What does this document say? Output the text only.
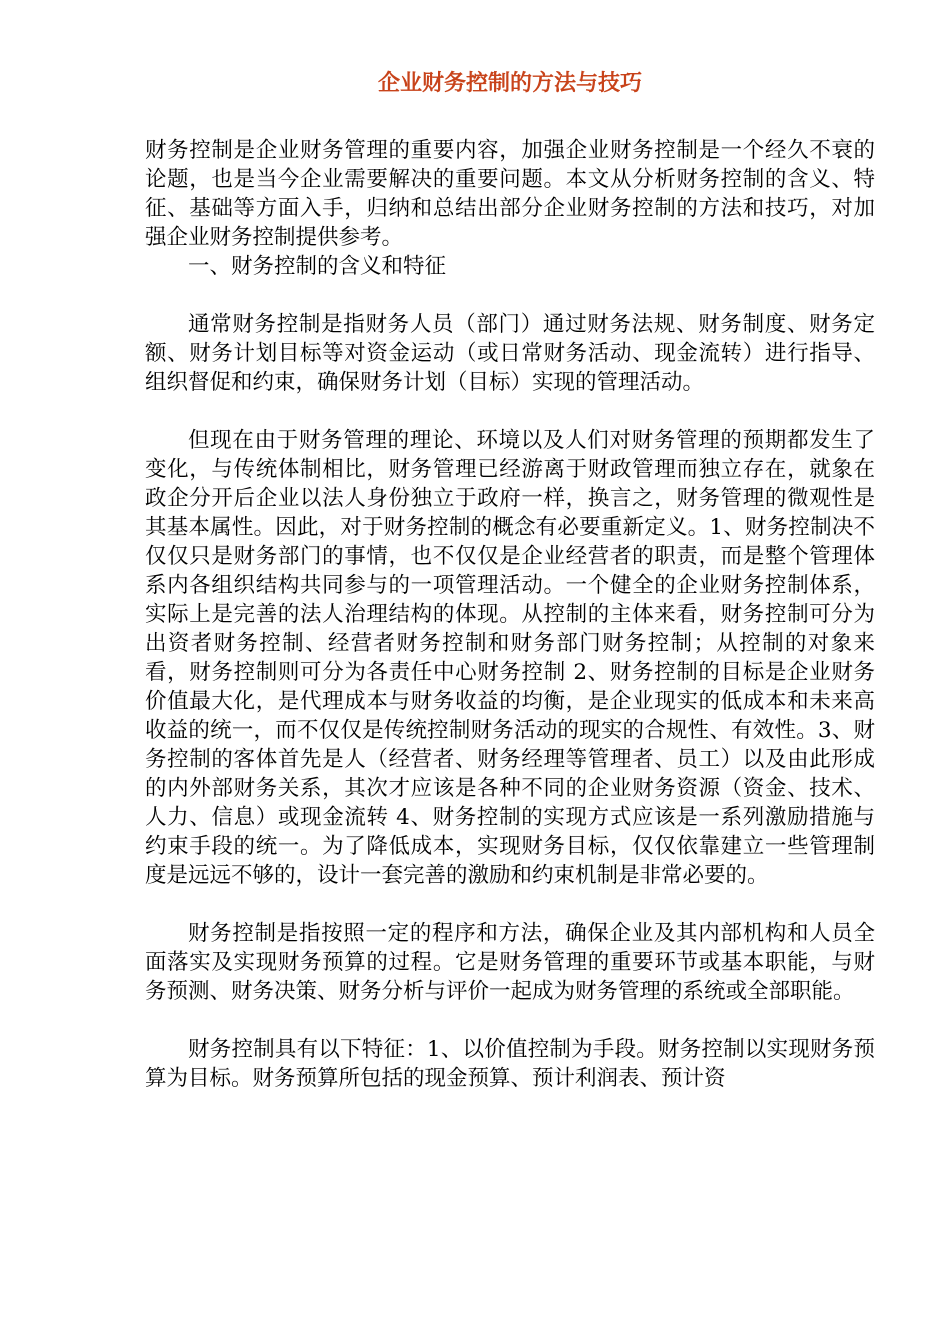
企业财务控制的方法与技巧

财务控制是企业财务管理的重要内容，加强企业财务控制是一个经久不衰的论题，也是当今企业需要解决的重要问题。本文从分析财务控制的含义、特征、基础等方面入手，归纳和总结出部分企业财务控制的方法和技巧，对加强企业财务控制提供参考。

一、财务控制的含义和特征

通常财务控制是指财务人员（部门）通过财务法规、财务制度、财务定额、财务计划目标等对资金运动（或日常财务活动、现金流转）进行指导、组织督促和约束，确保财务计划（目标）实现的管理活动。

但现在由于财务管理的理论、环境以及人们对财务管理的预期都发生了变化，与传统体制相比，财务管理已经游离于财政管理而独立存在，就象在政企分开后企业以法人身份独立于政府一样，换言之，财务管理的微观性是其基本属性。因此，对于财务控制的概念有必要重新定义。1、财务控制决不仅仅只是财务部门的事情，也不仅仅是企业经营者的职责，而是整个管理体系内各组织结构共同参与的一项管理活动。一个健全的企业财务控制体系，实际上是完善的法人治理结构的体现。从控制的主体来看，财务控制可分为出资者财务控制、经营者财务控制和财务部门财务控制；从控制的对象来看，财务控制则可分为各责任中心财务控制 2、财务控制的目标是企业财务价值最大化，是代理成本与财务收益的均衡，是企业现实的低成本和未来高收益的统一，而不仅仅是传统控制财务活动的现实的合规性、有效性。3、财务控制的客体首先是人（经营者、财务经理等管理者、员工）以及由此形成的内外部财务关系，其次才应该是各种不同的企业财务资源（资金、技术、人力、信息）或现金流转 4、财务控制的实现方式应该是一系列激励措施与约束手段的统一。为了降低成本，实现财务目标，仅仅依靠建立一些管理制度是远远不够的，设计一套完善的激励和约束机制是非常必要的。

财务控制是指按照一定的程序和方法，确保企业及其内部机构和人员全面落实及实现财务预算的过程。它是财务管理的重要环节或基本职能，与财务预测、财务决策、财务分析与评价一起成为财务管理的系统或全部职能。

财务控制具有以下特征：1、以价值控制为手段。财务控制以实现财务预算为目标。财务预算所包括的现金预算、预计利润表、预计资
